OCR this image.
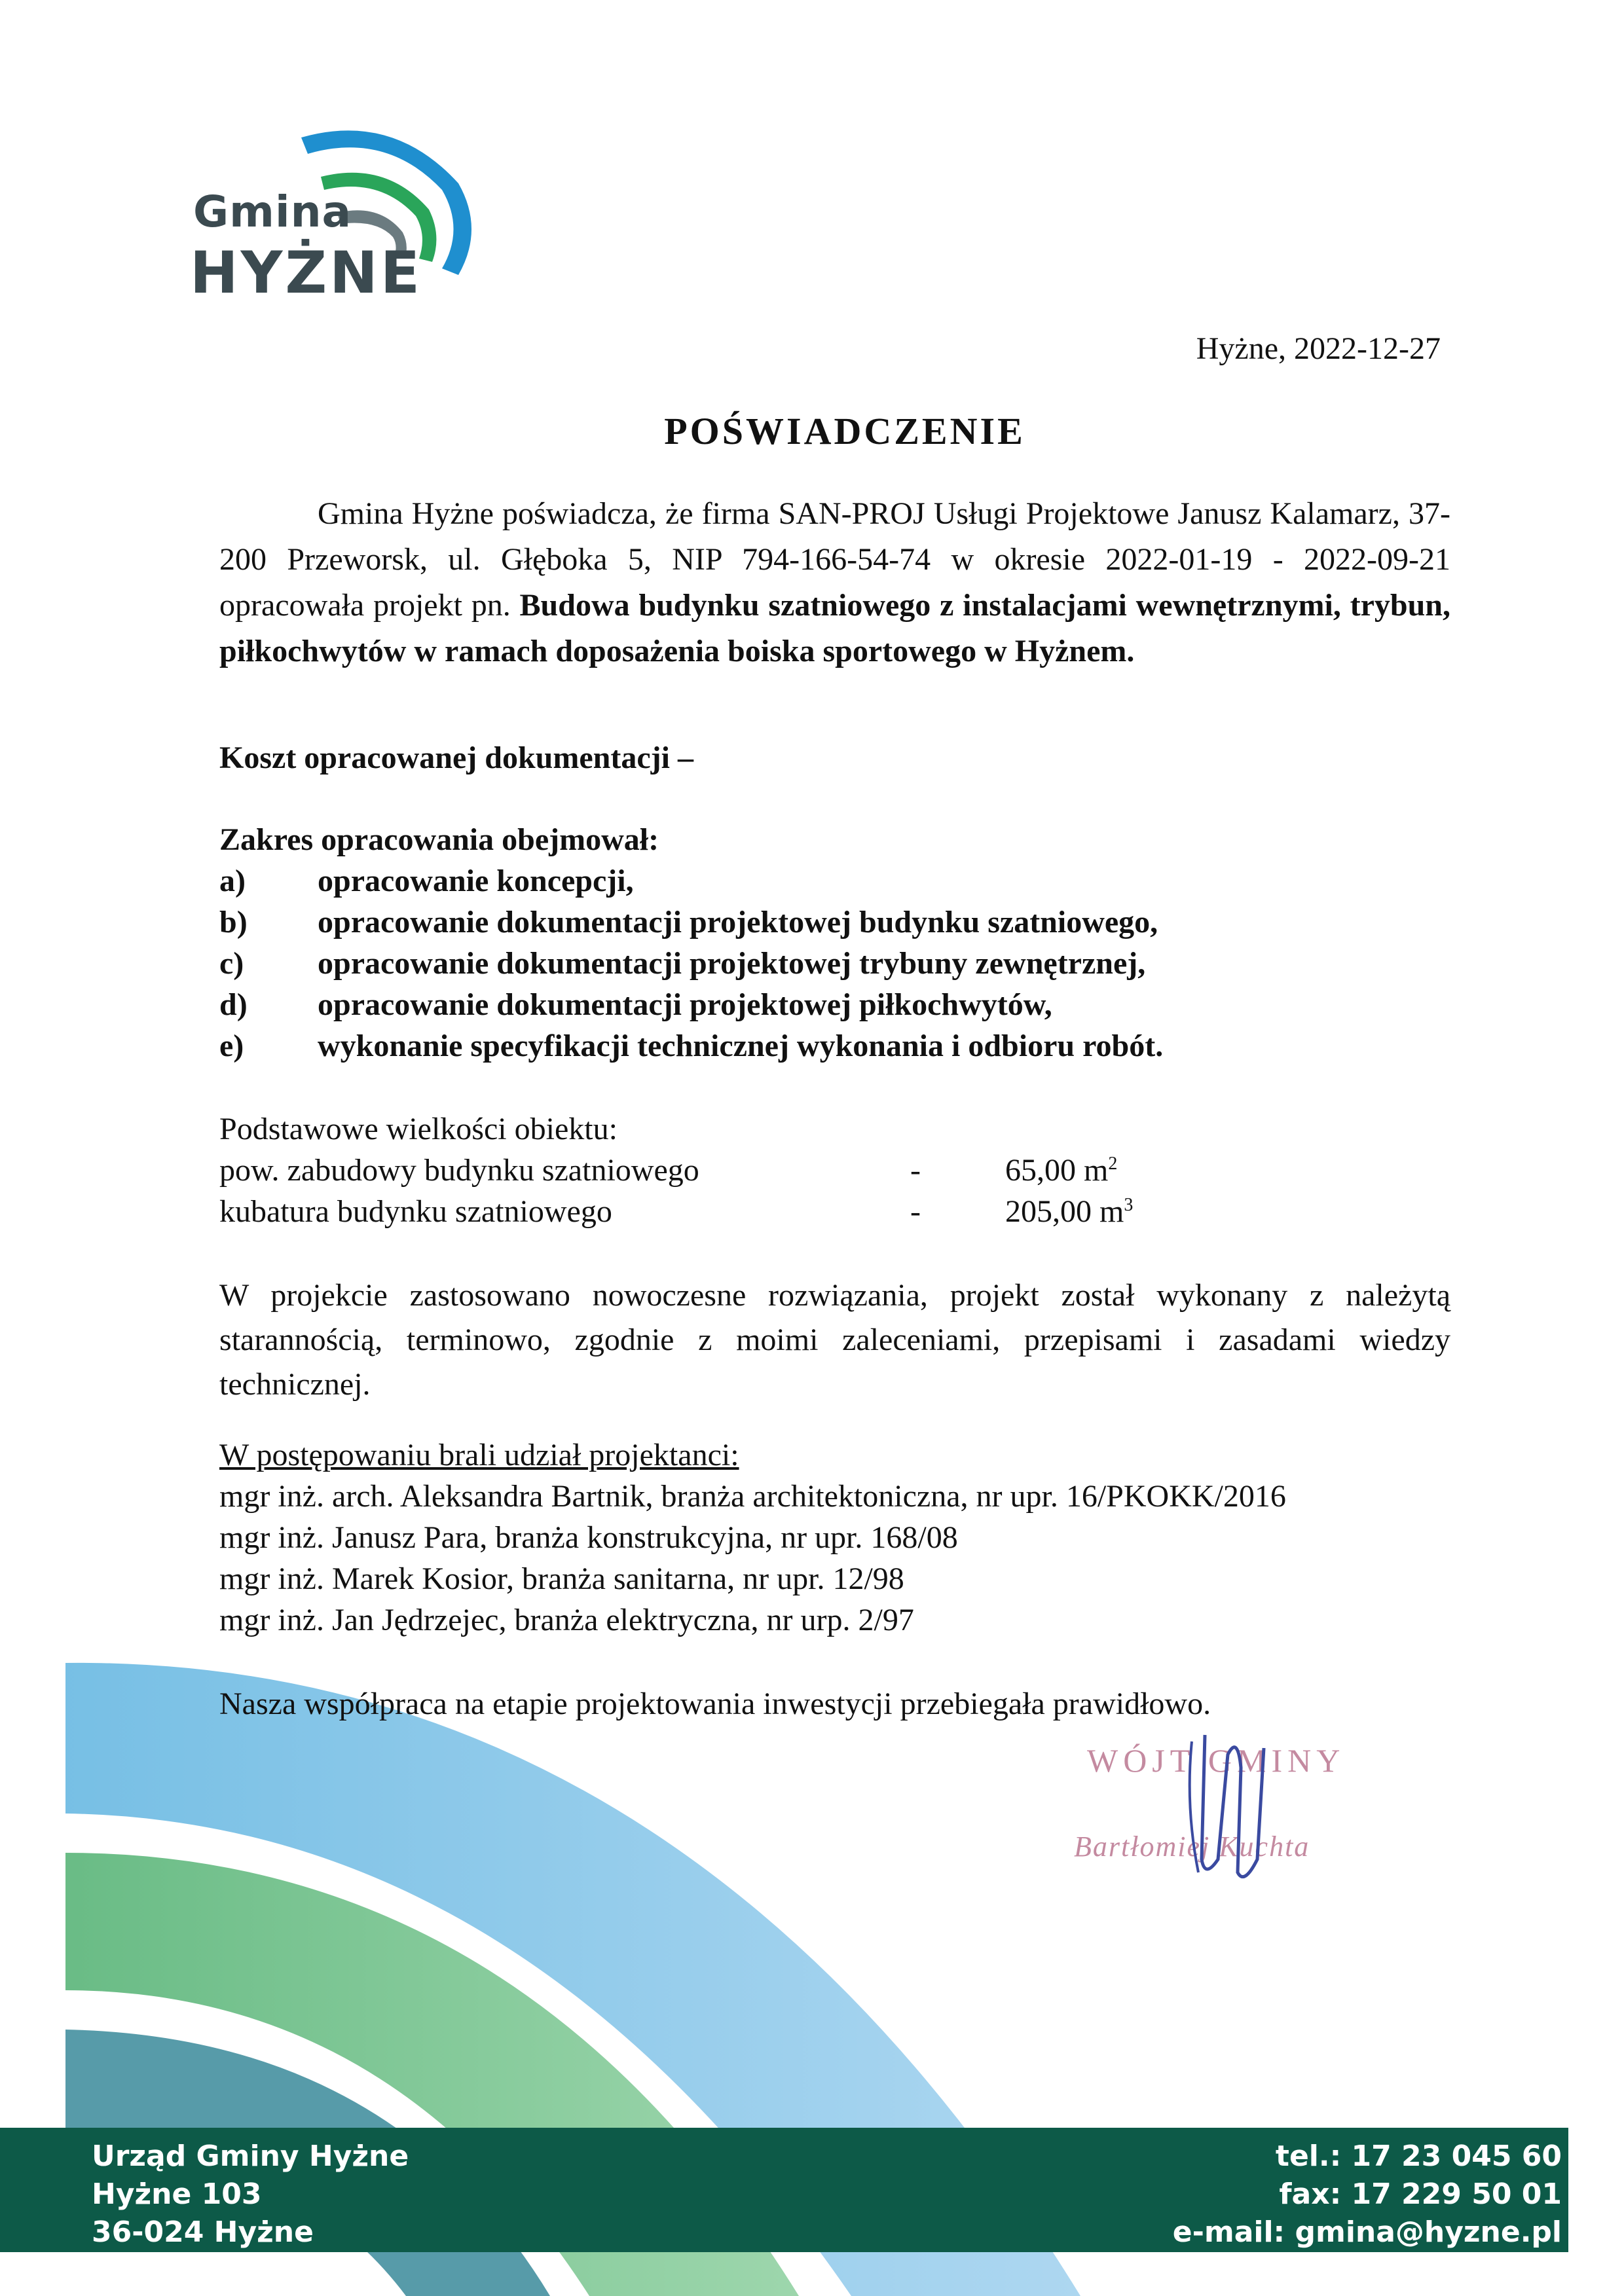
Gmina
HYŻNE
Hyżne, 2022-12-27
POŚWIADCZENIE
Gmina Hyżne poświadcza, że firma SAN-PROJ Usługi Projektowe Janusz Kalamarz, 37-200 Przeworsk, ul. Głęboka 5, NIP 794-166-54-74 w okresie 2022-01-19 - 2022-09-21 opracowała projekt pn. Budowa budynku szatniowego z instalacjami wewnętrznymi, trybun, piłkochwytów w ramach doposażenia boiska sportowego w Hyżnem.
Koszt opracowanej dokumentacji –
Zakres opracowania obejmował:
a) opracowanie koncepcji,
b) opracowanie dokumentacji projektowej budynku szatniowego,
c) opracowanie dokumentacji projektowej trybuny zewnętrznej,
d) opracowanie dokumentacji projektowej piłkochwytów,
e) wykonanie specyfikacji technicznej wykonania i odbioru robót.
Podstawowe wielkości obiektu:
pow. zabudowy budynku szatniowego	-	65,00 $m^2$
kubatura budynku szatniowego	-	205,00 $m^3$
W projekcie zastosowano nowoczesne rozwiązania, projekt został wykonany z należytą starannością, terminowo, zgodnie z moimi zaleceniami, przepisami i zasadami wiedzy technicznej.
W postępowaniu brali udział projektanci:
mgr inż. arch. Aleksandra Bartnik, branża architektoniczna, nr upr. 16/PKOKK/2016
mgr inż. Janusz Para, branża konstrukcyjna, nr upr. 168/08
mgr inż. Marek Kosior, branża sanitarna, nr upr. 12/98
mgr inż. Jan Jędrzejec, branża elektryczna, nr urp. 2/97
Nasza współpraca na etapie projektowania inwestycji przebiegała prawidłowo.
WÓJT GMINY
Bartłomiej Kuchta
Urząd Gminy Hyżne
Hyżne 103
36-024 Hyżne
tel.: 17 23 045 60
fax: 17 229 50 01
e-mail: gmina@hyzne.pl
